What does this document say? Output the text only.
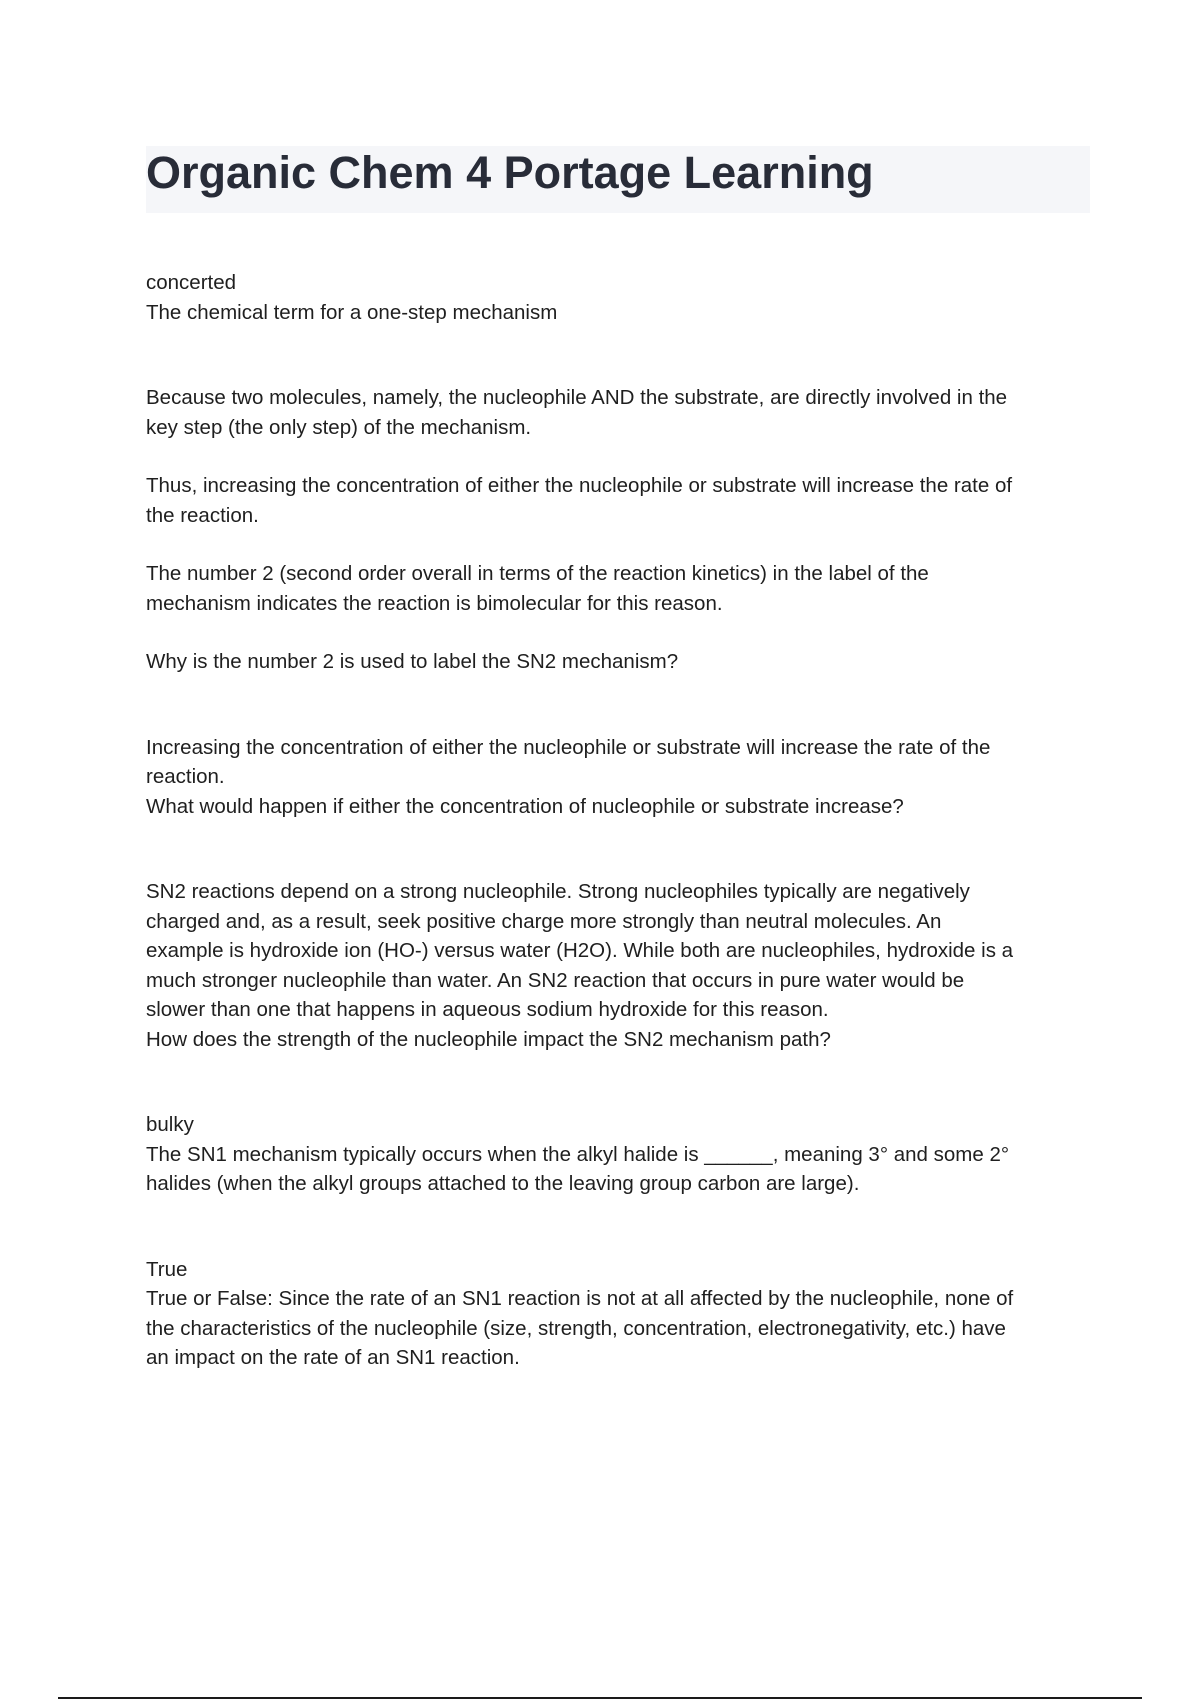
Organic Chem 4 Portage Learning

concerted

The chemical term for a one-step mechanism

Because two molecules, namely, the nucleophile AND the substrate, are directly involved in the

key step (the only step) of the mechanism.

Thus, increasing the concentration of either the nucleophile or substrate will increase the rate of

the reaction.

The number 2 (second order overall in terms of the reaction kinetics) in the label of the

mechanism indicates the reaction is bimolecular for this reason.

Why is the number 2 is used to label the SN2 mechanism?

Increasing the concentration of either the nucleophile or substrate will increase the rate of the

reaction.

What would happen if either the concentration of nucleophile or substrate increase?

SN2 reactions depend on a strong nucleophile. Strong nucleophiles typically are negatively

charged and, as a result, seek positive charge more strongly than neutral molecules. An

example is hydroxide ion (HO-) versus water (H2O). While both are nucleophiles, hydroxide is a

much stronger nucleophile than water. An SN2 reaction that occurs in pure water would be

slower than one that happens in aqueous sodium hydroxide for this reason.

How does the strength of the nucleophile impact the SN2 mechanism path?

bulky

The SN1 mechanism typically occurs when the alkyl halide is ______, meaning 3° and some 2°

halides (when the alkyl groups attached to the leaving group carbon are large).

True

True or False: Since the rate of an SN1 reaction is not at all affected by the nucleophile, none of

the characteristics of the nucleophile (size, strength, concentration, electronegativity, etc.) have

an impact on the rate of an SN1 reaction.
